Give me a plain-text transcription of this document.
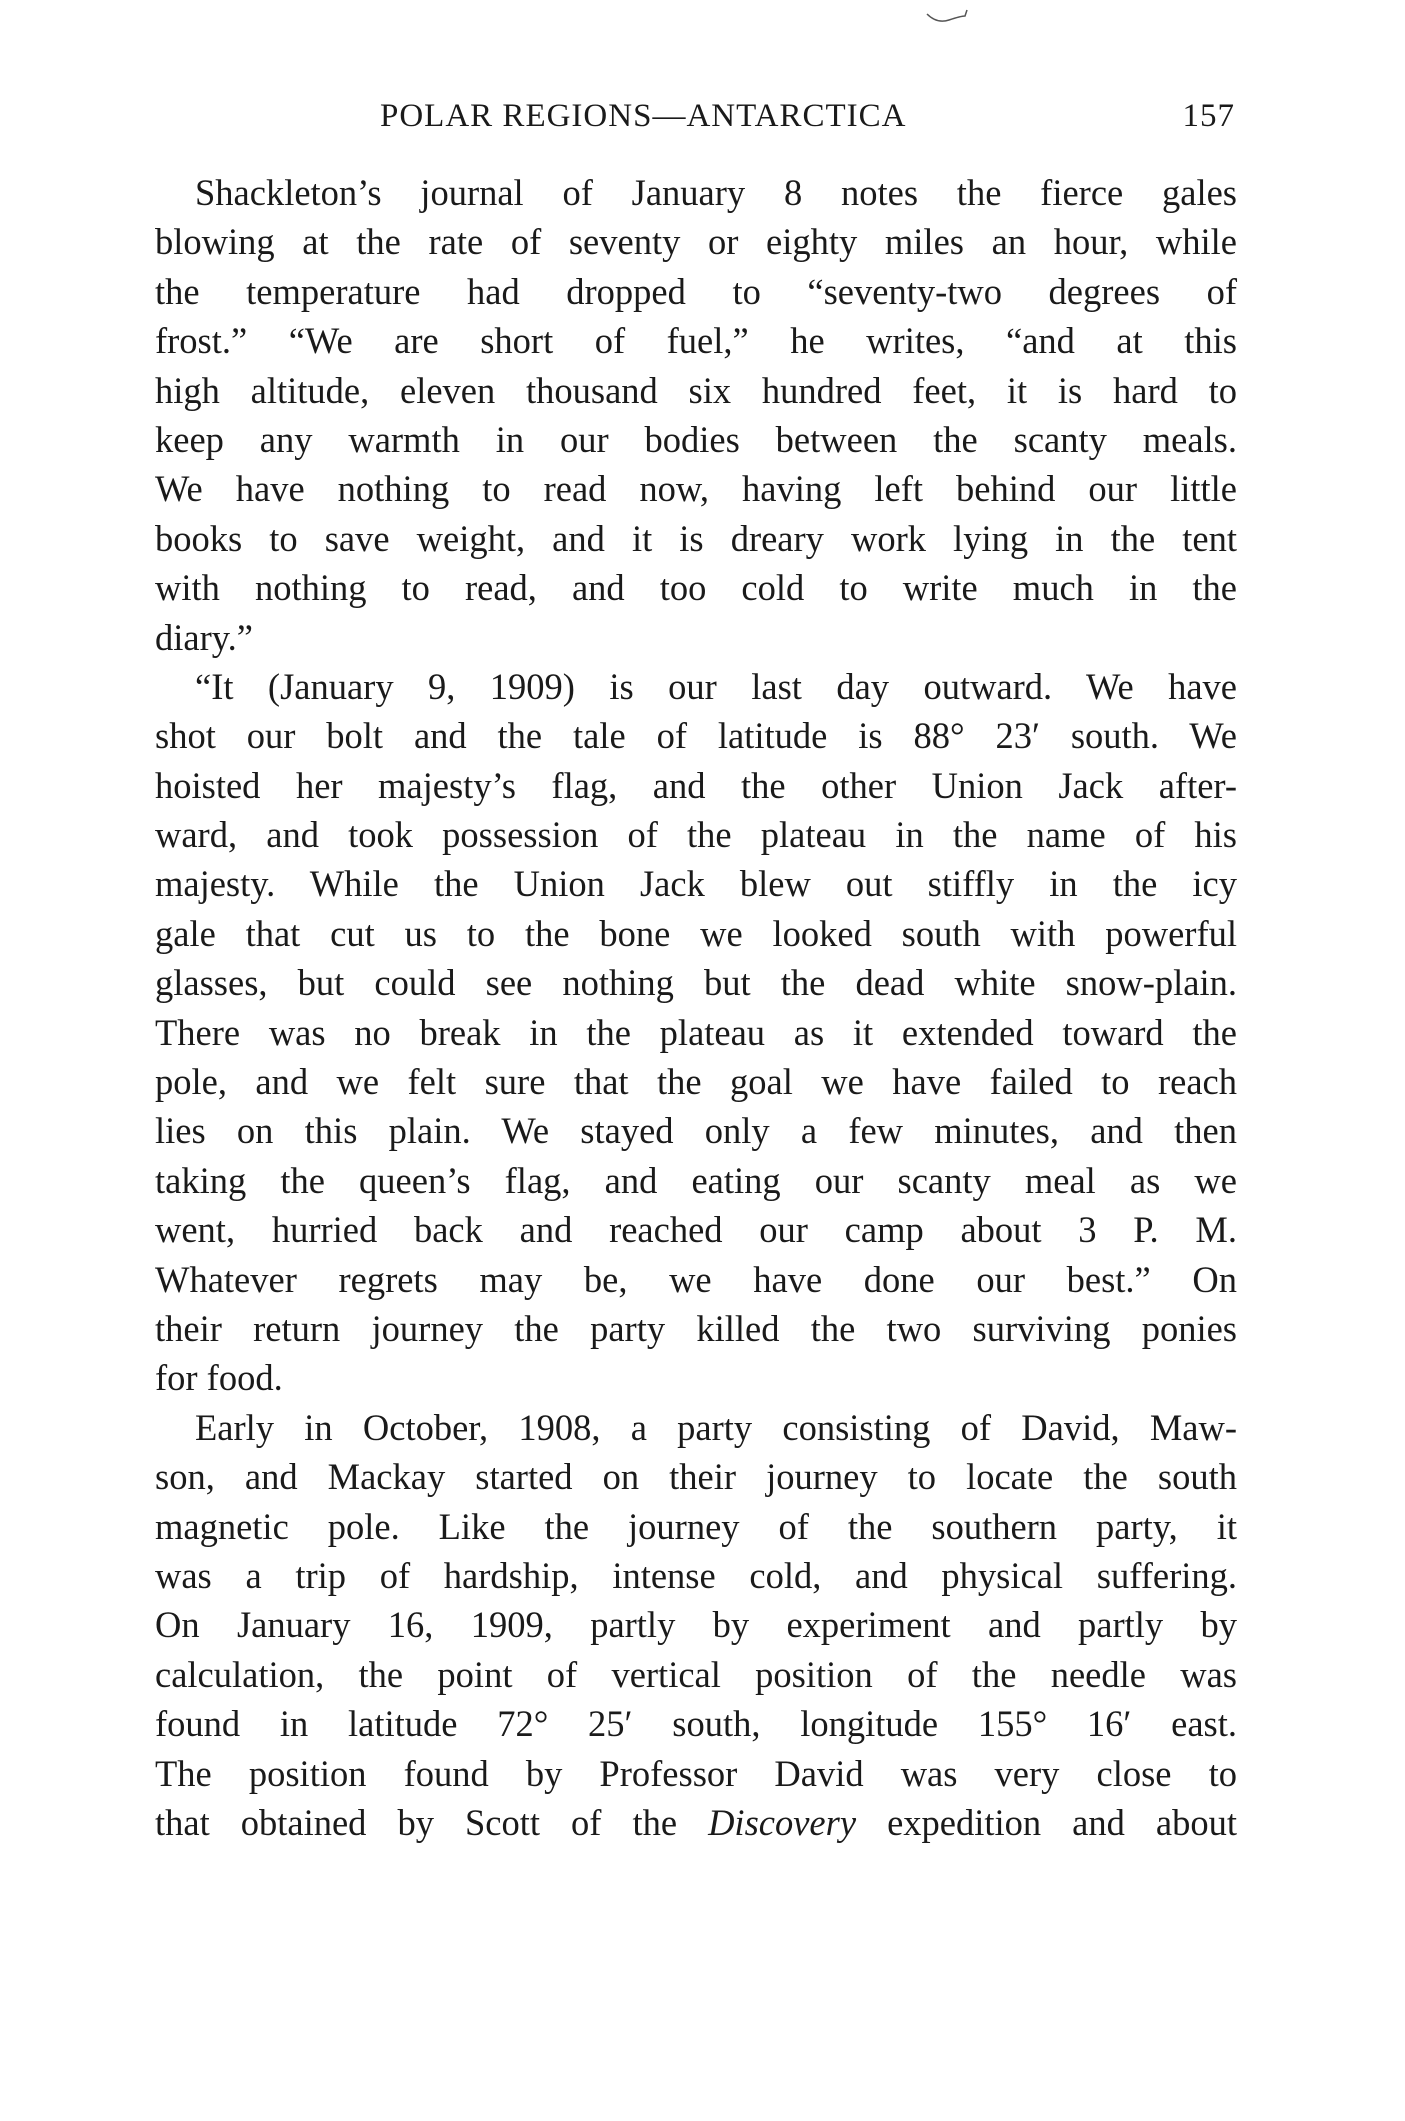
POLAR REGIONS—ANTARCTICA	157
Shackleton’s journal of January 8 notes the fierce gales
blowing at the rate of seventy or eighty miles an hour, while
the temperature had dropped to “seventy-two degrees of
frost.” “We are short of fuel,” he writes, “and at this
high altitude, eleven thousand six hundred feet, it is hard to
keep any warmth in our bodies between the scanty meals.
We have nothing to read now, having left behind our little
books to save weight, and it is dreary work lying in the tent
with nothing to read, and too cold to write much in the
diary.”
“It (January 9, 1909) is our last day outward. We have
shot our bolt and the tale of latitude is 88° 23′ south. We
hoisted her majesty’s flag, and the other Union Jack after-
ward, and took possession of the plateau in the name of his
majesty. While the Union Jack blew out stiffly in the icy
gale that cut us to the bone we looked south with powerful
glasses, but could see nothing but the dead white snow-plain.
There was no break in the plateau as it extended toward the
pole, and we felt sure that the goal we have failed to reach
lies on this plain. We stayed only a few minutes, and then
taking the queen’s flag, and eating our scanty meal as we
went, hurried back and reached our camp about 3 P. M.
Whatever regrets may be, we have done our best.” On
their return journey the party killed the two surviving ponies
for food.
Early in October, 1908, a party consisting of David, Maw-
son, and Mackay started on their journey to locate the south
magnetic pole. Like the journey of the southern party, it
was a trip of hardship, intense cold, and physical suffering.
On January 16, 1909, partly by experiment and partly by
calculation, the point of vertical position of the needle was
found in latitude 72° 25′ south, longitude 155° 16′ east.
The position found by Professor David was very close to
that obtained by Scott of the Discovery expedition and about
